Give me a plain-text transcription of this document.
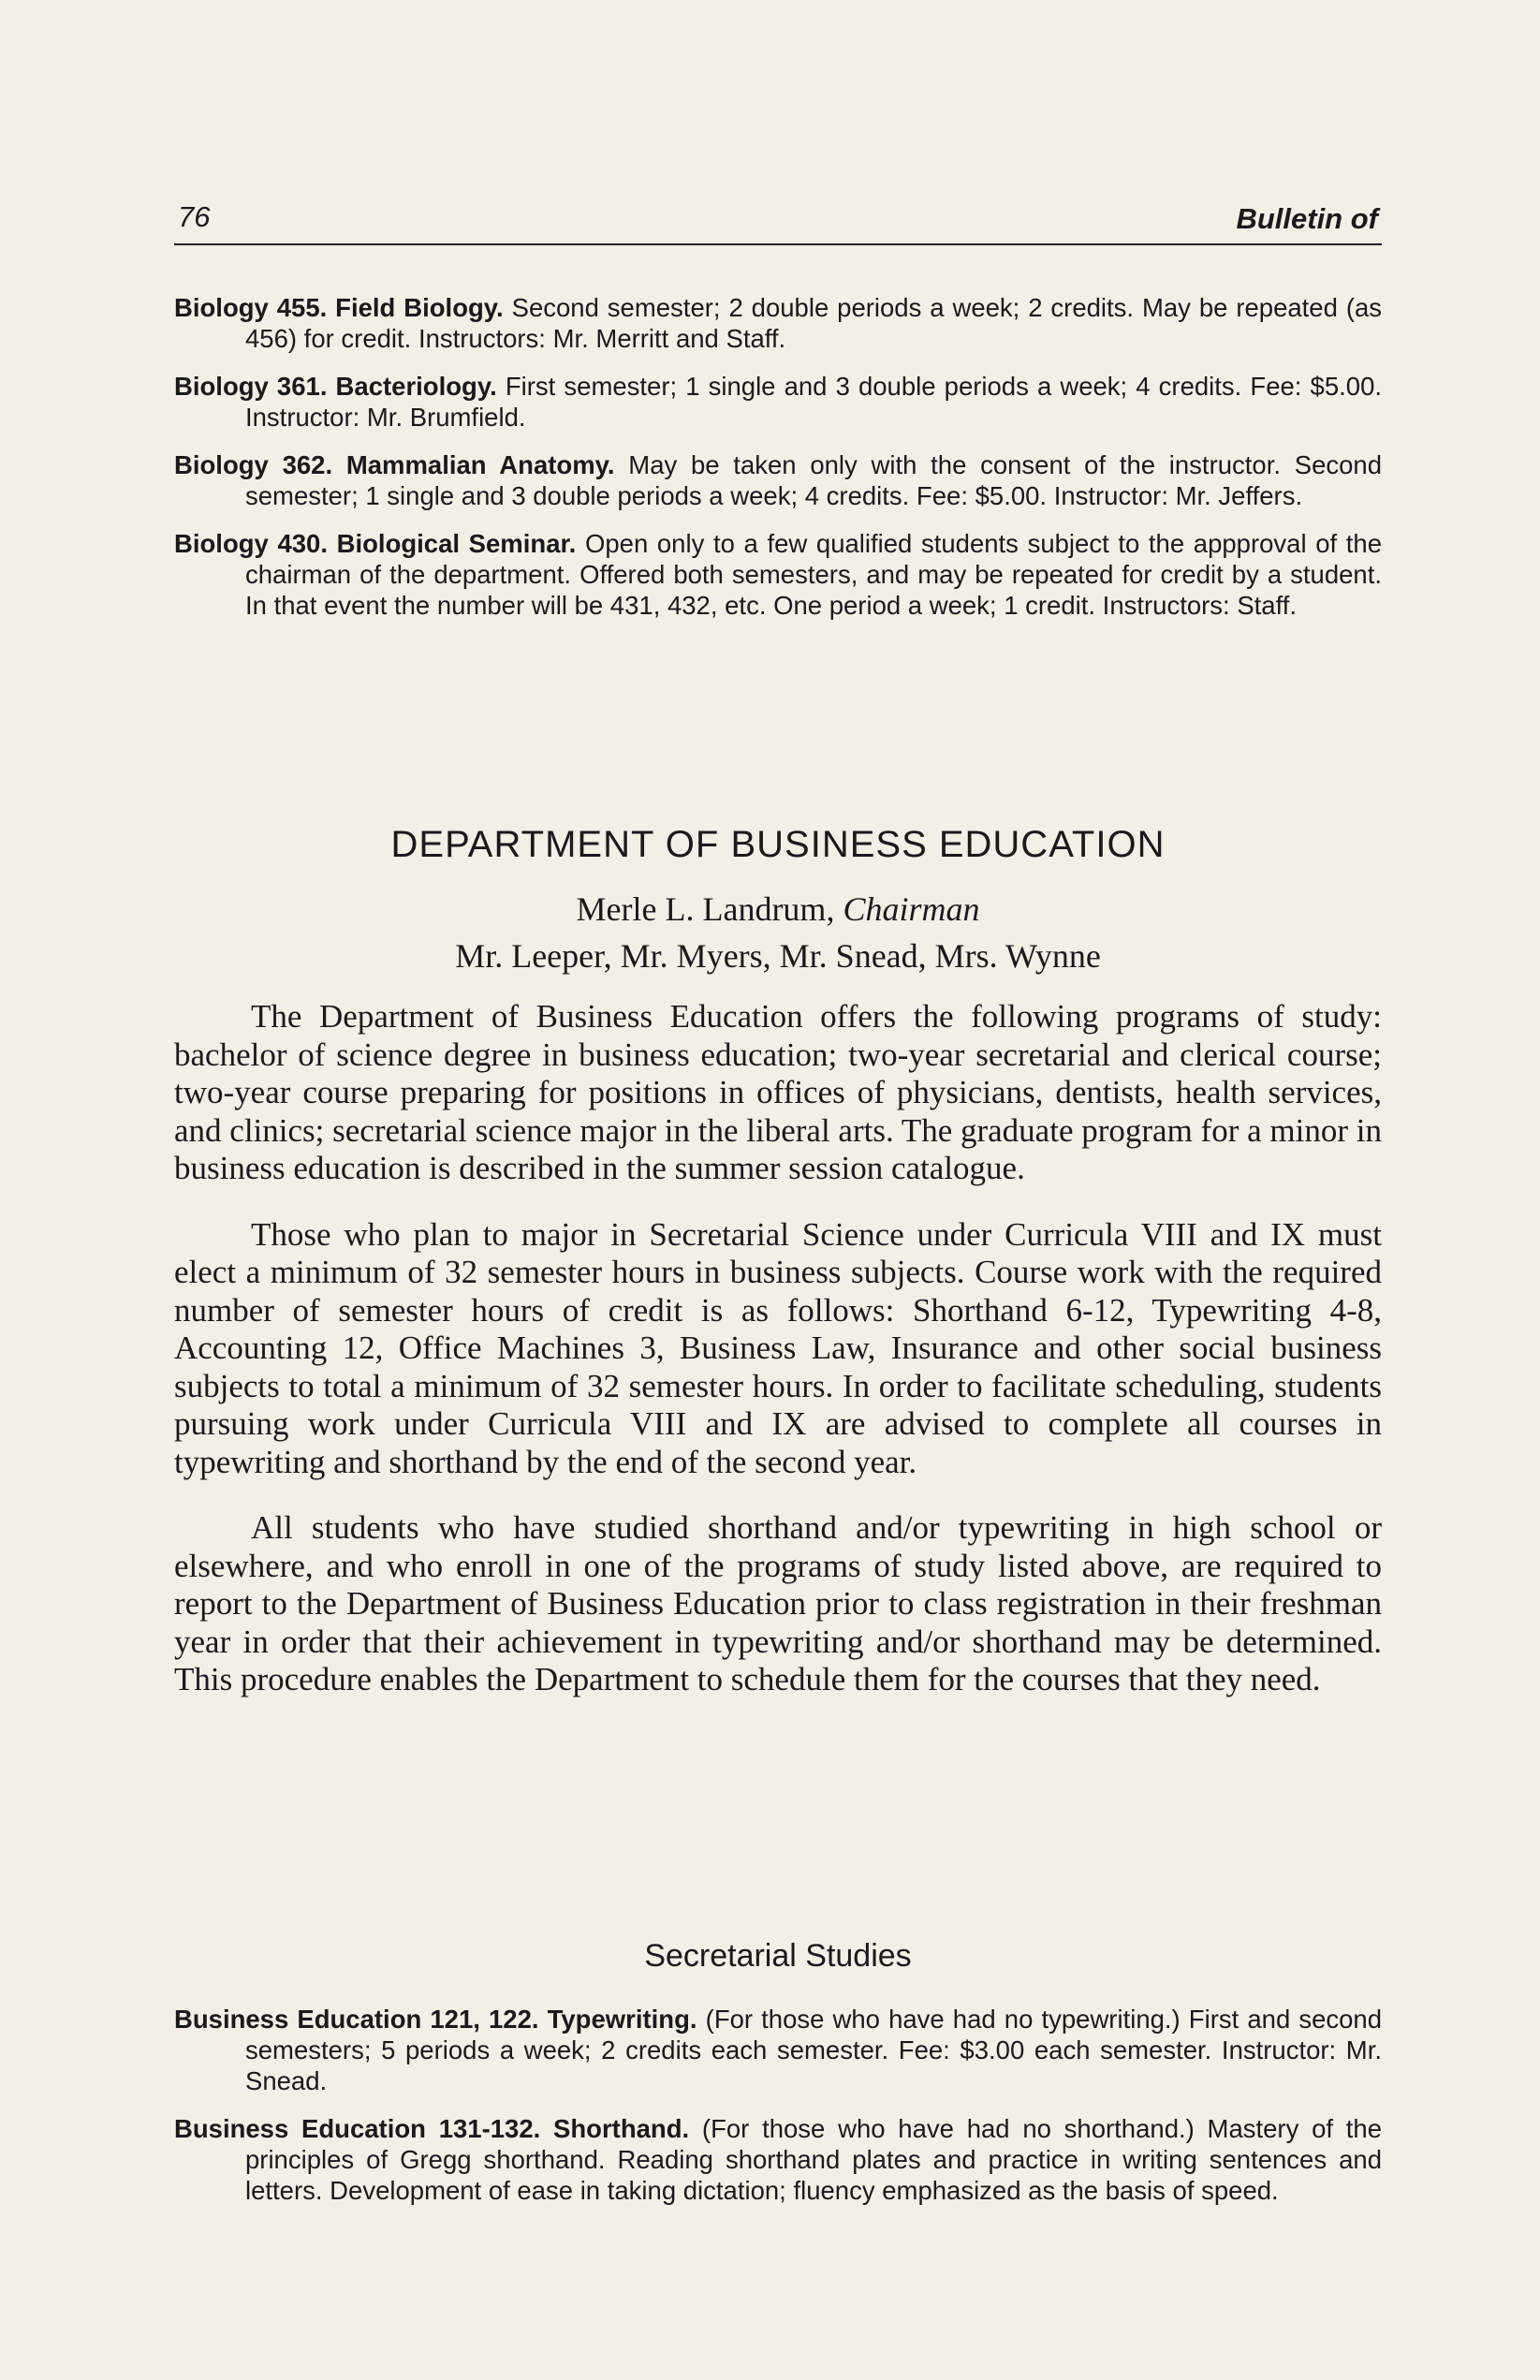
76	Bulletin of

Biology 455. Field Biology. Second semester; 2 double periods a week; 2 credits. May be repeated (as 456) for credit. Instructors: Mr. Merritt and Staff.

Biology 361. Bacteriology. First semester; 1 single and 3 double periods a week; 4 credits. Fee: $5.00. Instructor: Mr. Brumfield.

Biology 362. Mammalian Anatomy. May be taken only with the consent of the instructor. Second semester; 1 single and 3 double periods a week; 4 credits. Fee: $5.00. Instructor: Mr. Jeffers.

Biology 430. Biological Seminar. Open only to a few qualified students subject to the appproval of the chairman of the department. Offered both semesters, and may be repeated for credit by a student. In that event the number will be 431, 432, etc. One period a week; 1 credit. Instructors: Staff.

DEPARTMENT OF BUSINESS EDUCATION
Merle L. Landrum, Chairman
Mr. Leeper, Mr. Myers, Mr. Snead, Mrs. Wynne

The Department of Business Education offers the following programs of study: bachelor of science degree in business education; two-year secretarial and clerical course; two-year course preparing for positions in offices of physicians, dentists, health services, and clinics; secretarial science major in the liberal arts. The graduate program for a minor in business education is described in the summer session catalogue.

Those who plan to major in Secretarial Science under Curricula VIII and IX must elect a minimum of 32 semester hours in business subjects. Course work with the required number of semester hours of credit is as follows: Shorthand 6-12, Typewriting 4-8, Accounting 12, Office Machines 3, Business Law, Insurance and other social business subjects to total a minimum of 32 semester hours. In order to facilitate scheduling, students pursuing work under Curricula VIII and IX are advised to complete all courses in typewriting and shorthand by the end of the second year.

All students who have studied shorthand and/or typewriting in high school or elsewhere, and who enroll in one of the programs of study listed above, are required to report to the Department of Business Education prior to class registration in their freshman year in order that their achievement in typewriting and/or shorthand may be determined. This procedure enables the Department to schedule them for the courses that they need.

Secretarial Studies

Business Education 121, 122. Typewriting. (For those who have had no typewriting.) First and second semesters; 5 periods a week; 2 credits each semester. Fee: $3.00 each semester. Instructor: Mr. Snead.

Business Education 131-132. Shorthand. (For those who have had no shorthand.) Mastery of the principles of Gregg shorthand. Reading shorthand plates and practice in writing sentences and letters. Development of ease in taking dictation; fluency emphasized as the basis of speed.
